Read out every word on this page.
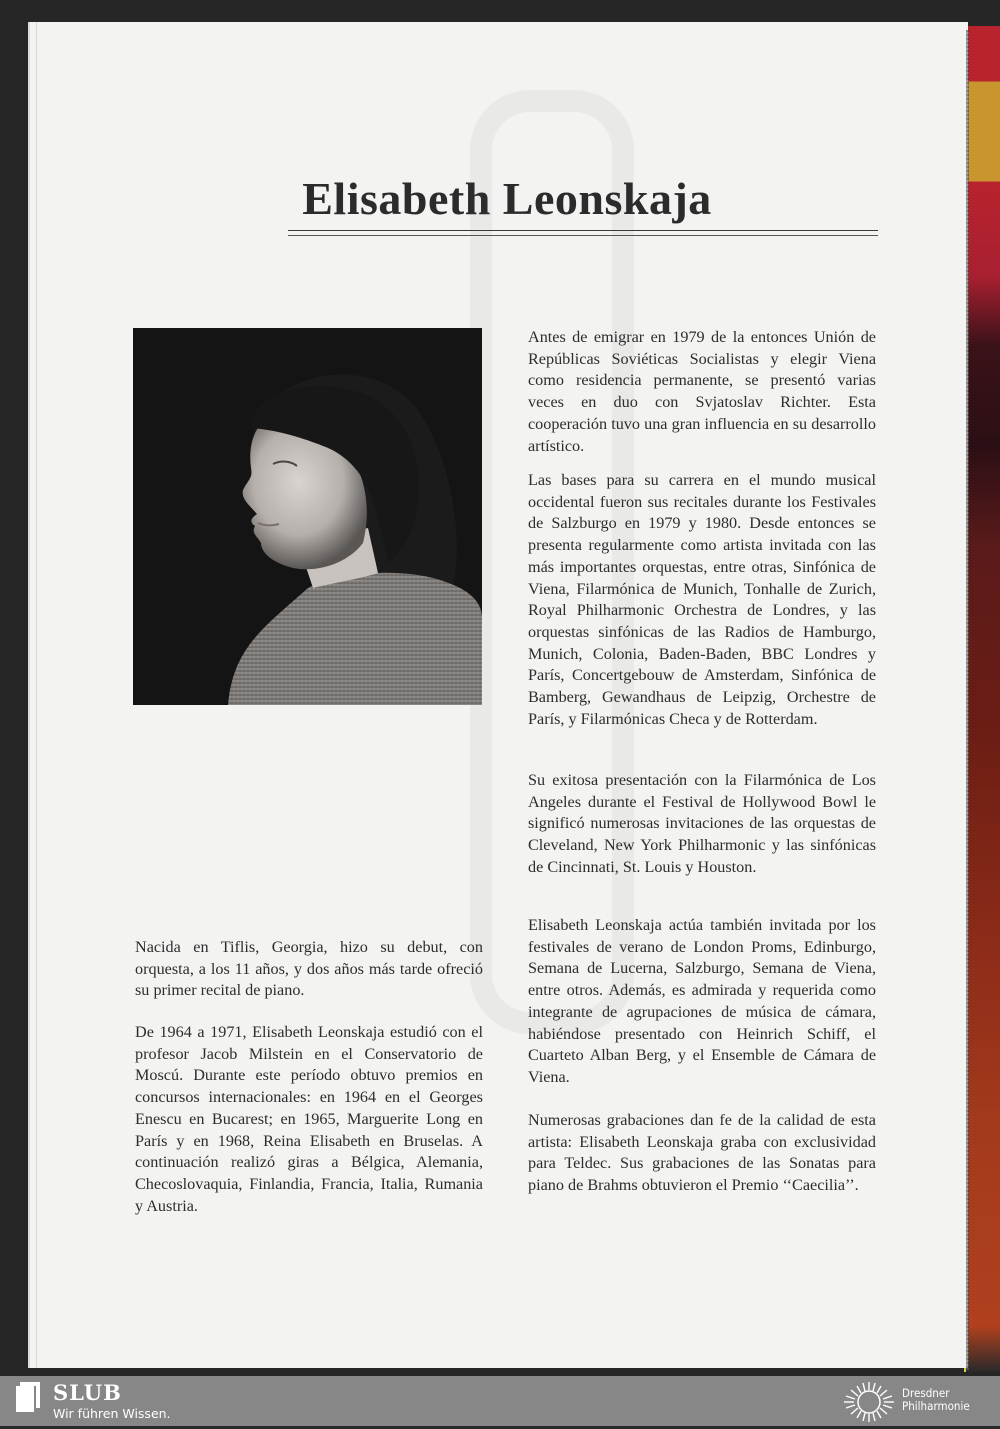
Elisabeth Leonskaja

Antes de emigrar en 1979 de la entonces Unión de Repúblicas Soviéticas Socialistas y elegir Viena como residencia permanente, se presentó varias veces en duo con Svjatoslav Richter. Esta cooperación tuvo una gran influencia en su desarrollo artístico.

Las bases para su carrera en el mundo musical occidental fueron sus recitales durante los Festivales de Salzburgo en 1979 y 1980. Desde entonces se presenta regularmente como artista invitada con las más importantes orquestas, entre otras, Sinfónica de Viena, Filarmónica de Munich, Tonhalle de Zurich, Royal Philharmonic Orchestra de Londres, y las orquestas sinfónicas de las Radios de Hamburgo, Munich, Colonia, Baden-Baden, BBC Londres y París, Concertgebouw de Amsterdam, Sinfónica de Bamberg, Gewandhaus de Leipzig, Orchestre de París, y Filarmónicas Checa y de Rotterdam.

Su exitosa presentación con la Filarmónica de Los Angeles durante el Festival de Hollywood Bowl le significó numerosas invitaciones de las orquestas de Cleveland, New York Philharmonic y las sinfónicas de Cincinnati, St. Louis y Houston.

Elisabeth Leonskaja actúa también invitada por los festivales de verano de London Proms, Edinburgo, Semana de Lucerna, Salzburgo, Semana de Viena, entre otros. Además, es admirada y requerida como integrante de agrupaciones de música de cámara, habiéndose presentado con Heinrich Schiff, el Cuarteto Alban Berg, y el Ensemble de Cámara de Viena.

Numerosas grabaciones dan fe de la calidad de esta artista: Elisabeth Leonskaja graba con exclusividad para Teldec. Sus grabaciones de las Sonatas para piano de Brahms obtuvieron el Premio ‘‘Caecilia’’.

Nacida en Tiflis, Georgia, hizo su debut, con orquesta, a los 11 años, y dos años más tarde ofreció su primer recital de piano.

De 1964 a 1971, Elisabeth Leonskaja estudió con el profesor Jacob Milstein en el Conservatorio de Moscú. Durante este período obtuvo premios en concursos internacionales: en 1964 en el Georges Enescu en Bucarest; en 1965, Marguerite Long en París y en 1968, Reina Elisabeth en Bruselas. A continuación realizó giras a Bélgica, Alemania, Checoslovaquia, Finlandia, Francia, Italia, Rumania y Austria.

SLUB
Wir führen Wissen.
Dresdner
Philharmonie
